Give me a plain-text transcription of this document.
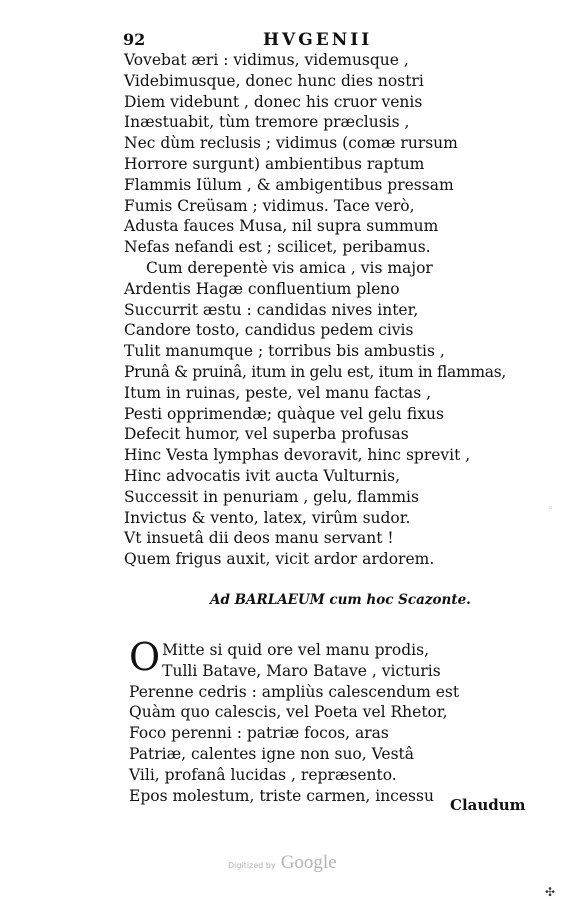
92	HVGENII
Vovebat æri : vidimus, videmusque ,
Videbimusque, donec hunc dies nostri
Diem videbunt , donec his cruor venis
Inæstuabit, tùm tremore præclusis ,
Nec dùm reclusis ; vidimus (comæ rursum
Horrore surgunt) ambientibus raptum
Flammis Iülum , & ambigentibus pressam
Fumis Creüsam ; vidimus. Tace verò,
Adusta fauces Musa, nil supra summum
Nefas nefandi est ; scilicet, peribamus.
Cum derepentè vis amica , vis major
Ardentis Hagæ confluentium pleno
Succurrit æstu : candidas nives inter,
Candore tosto, candidus pedem civis
Tulit manumque ; torribus bis ambustis ,
Prunâ & pruinâ, itum in gelu est, itum in flammas,
Itum in ruinas, peste, vel manu factas ,
Pesti opprimendæ; quàque vel gelu fixus
Defecit humor, vel superba profusas
Hinc Vesta lymphas devoravit, hinc sprevit ,
Hinc advocatis ivit aucta Vulturnis,
Successit in penuriam , gelu, flammis
Invictus & vento, latex, virûm sudor.
Vt insuetâ dii deos manu servant !
Quem frigus auxit, vicit ardor ardorem.
Ad BARLAEUM cum hoc Scazonte.
O Mitte si quid ore vel manu prodis,
Tulli Batave, Maro Batave , victuris
Perenne cedris : ampliùs calescendum est
Quàm quo calescis, vel Poeta vel Rhetor,
Foco perenni : patriæ focos, aras
Patriæ, calentes igne non suo, Vestâ
Vili, profanâ lucidas , repræsento.
Epos molestum, triste carmen, incessu
Claudum
Digitized by Google
◦
✣
